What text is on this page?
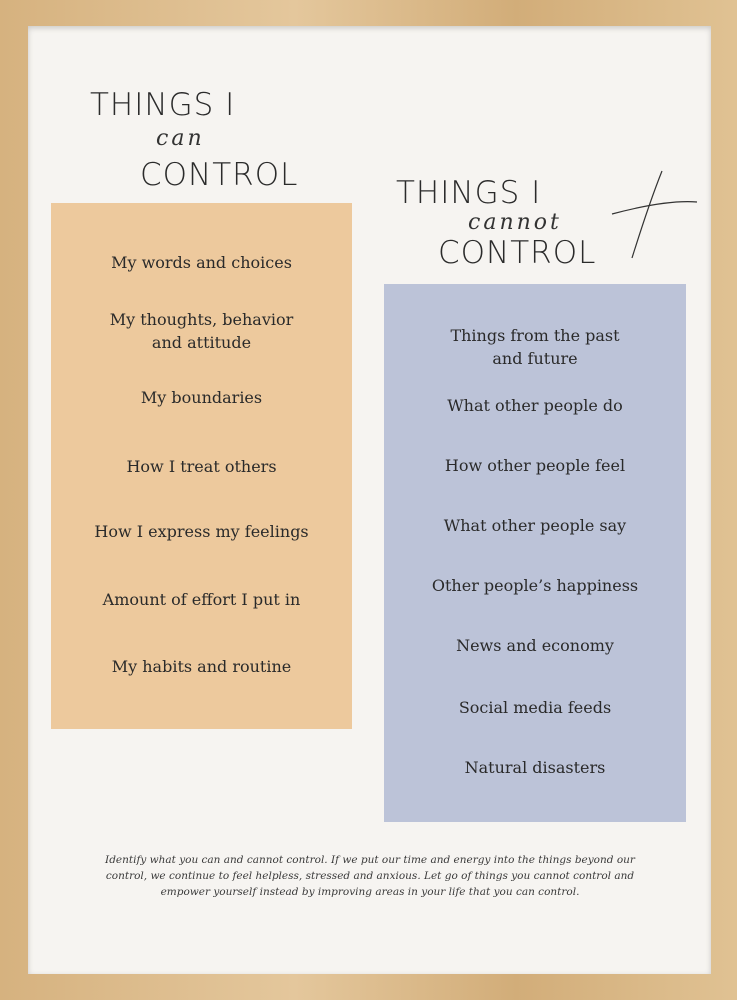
THINGS I
can
CONTROL
My words and choices
My thoughts, behavior
and attitude
My boundaries
How I treat others
How I express my feelings
Amount of effort I put in
My habits and routine
THINGS I
cannot
CONTROL
Things from the past
and future
What other people do
How other people feel
What other people say
Other people’s happiness
News and economy
Social media feeds
Natural disasters
Identify what you can and cannot control. If we put our time and energy into the things beyond our
control, we continue to feel helpless, stressed and anxious. Let go of things you cannot control and
empower yourself instead by improving areas in your life that you can control.
